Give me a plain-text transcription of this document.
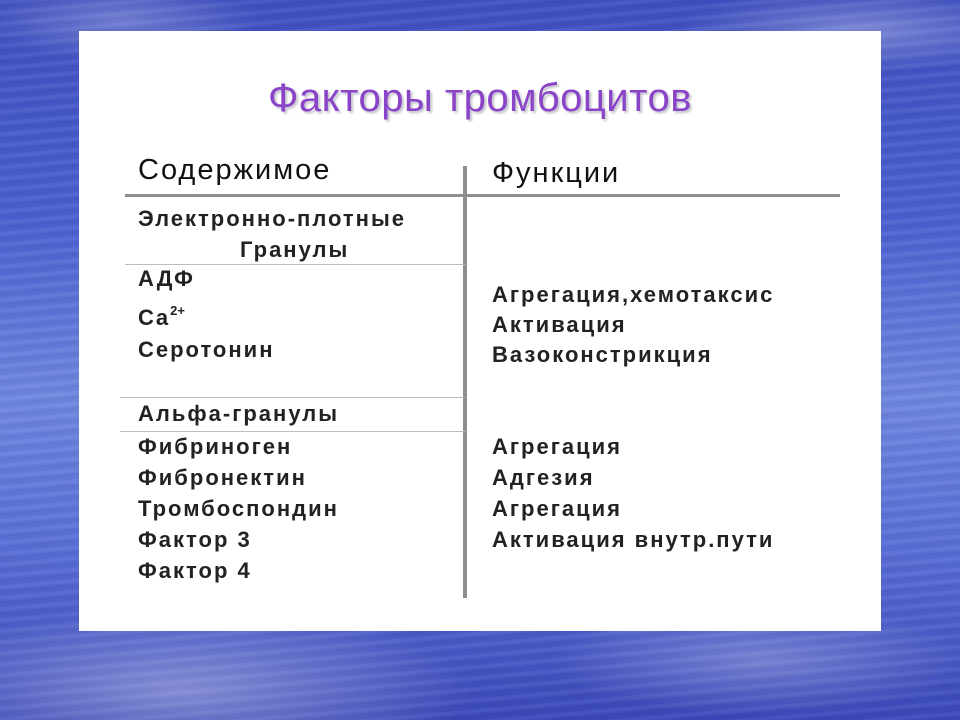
Факторы тромбоцитов
Содержимое	Функции
Электронно-плотные
Гранулы
АДФ
$Ca^{2+}$
Серотонин
Агрегация,хемотаксис
Активация
Вазоконстрикция
Альфа-гранулы
Фибриноген
Фибронектин
Тромбоспондин
Фактор 3
Фактор 4
Агрегация
Адгезия
Агрегация
Активация внутр.пути
